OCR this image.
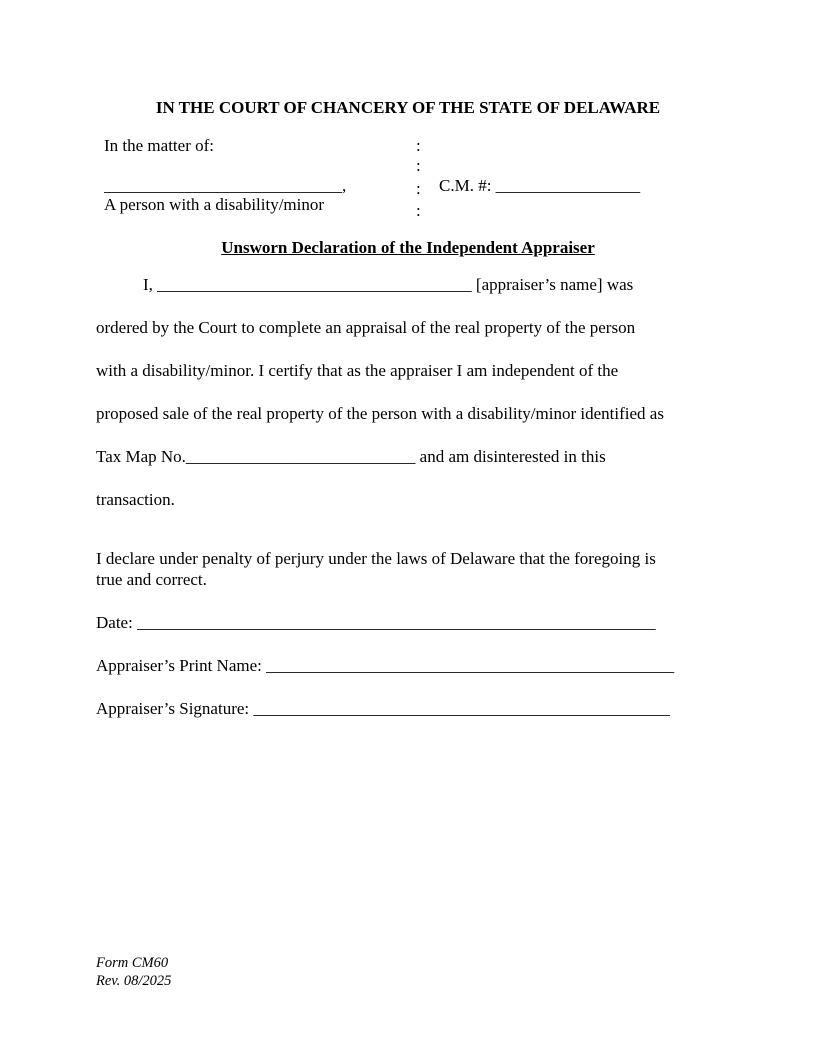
IN THE COURT OF CHANCERY OF THE STATE OF DELAWARE
In the matter of:
____________________________,
A person with a disability/minor
:
:
:
:
C.M. #: _________________
Unsworn Declaration of the Independent Appraiser
I, _____________________________________ [appraiser’s name] was
ordered by the Court to complete an appraisal of the real property of the person
with a disability/minor. I certify that as the appraiser I am independent of the
proposed sale of the real property of the person with a disability/minor identified as
Tax Map No.___________________________ and am disinterested in this
transaction.
I declare under penalty of perjury under the laws of Delaware that the foregoing is
true and correct.
Date: _____________________________________________________________
Appraiser’s Print Name: ________________________________________________
Appraiser’s Signature: _________________________________________________
Form CM60
Rev. 08/2025
